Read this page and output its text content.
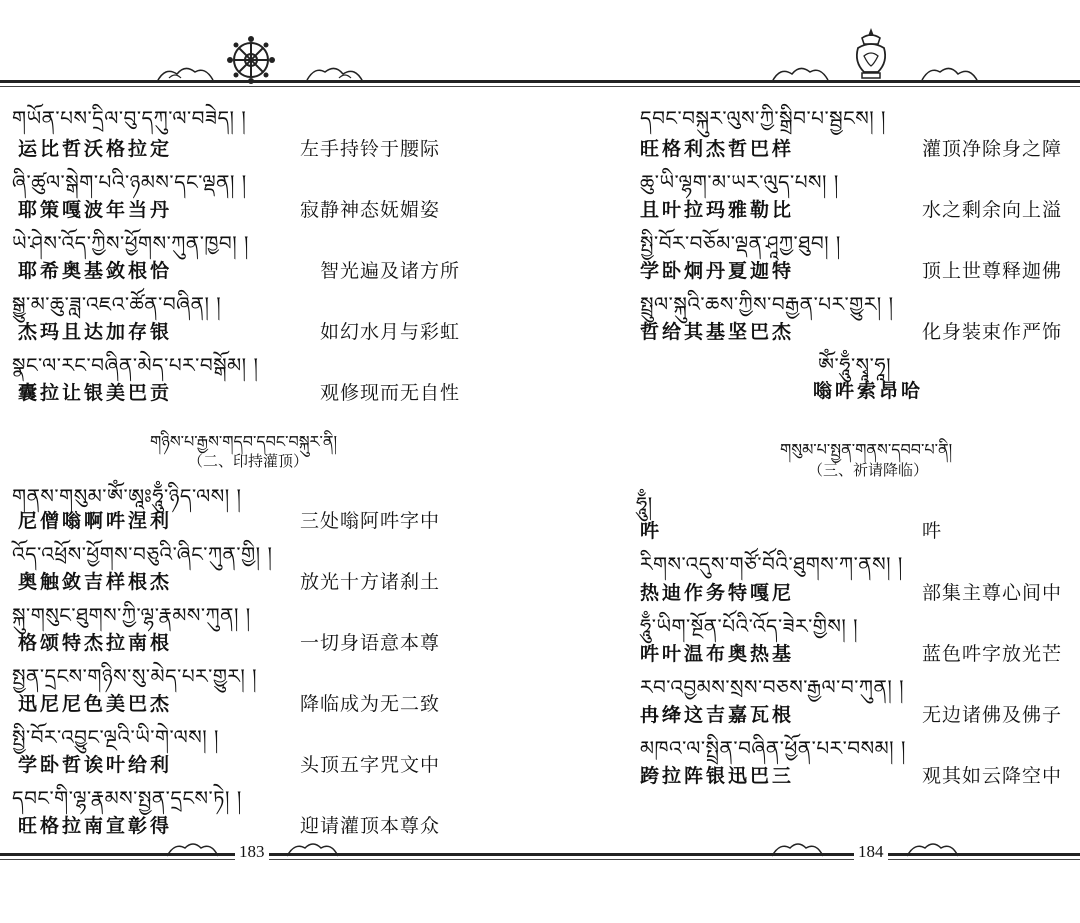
གཡོན་པས་དྲིལ་བུ་དཀུ་ལ་བཟེད། །
运比哲沃格拉定	左手持铃于腰际
ཞི་ཚུལ་སྒེག་པའི་ཉམས་དང་ལྡན། །
耶策嘎波年当丹	寂静神态妩媚姿
ཡེ་ཤེས་འོད་ཀྱིས་ཕྱོགས་ཀུན་ཁྱབ། །
耶希奥基敛根恰	智光遍及诸方所
སྒྱུ་མ་ཆུ་ཟླ་འཇའ་ཚོན་བཞིན། །
杰玛且达加存银	如幻水月与彩虹
སྣང་ལ་རང་བཞིན་མེད་པར་བསྒོམ། །
囊拉让银美巴贡	观修现而无自性
གཉིས་པ་རྒྱས་གདབ་དབང་བསྐུར་ནི།
（二、印持灌顶）
གནས་གསུམ་ཨོཾ་ཨཱཿཧཱུྃ་ཉིད་ལས། །
尼僧嗡啊吽涅利	三处嗡阿吽字中
འོད་འཕྲོས་ཕྱོགས་བཅུའི་ཞིང་ཀུན་གྱི། །
奥触敛吉样根杰	放光十方诸刹土
སྐུ་གསུང་ཐུགས་ཀྱི་ལྷ་རྣམས་ཀུན། །
格颂特杰拉南根	一切身语意本尊
སྤྱན་དྲངས་གཉིས་སུ་མེད་པར་གྱུར། །
迅尼尼色美巴杰	降临成为无二致
སྤྱི་བོར་འབྱུང་ལྔའི་ཡི་གེ་ལས། །
学卧哲诶叶给利	头顶五字咒文中
དབང་གི་ལྷ་རྣམས་སྤྱན་དྲངས་ཏེ། །
旺格拉南宣彰得	迎请灌顶本尊众
183
དབང་བསྐུར་ལུས་ཀྱི་སྒྲིབ་པ་སྦྱངས། །
旺格利杰哲巴样	灌顶净除身之障
ཆུ་ཡི་ལྷག་མ་ཡར་ལུད་པས། །
且叶拉玛雅勒比	水之剩余向上溢
སྤྱི་བོར་བཅོམ་ལྡན་ཤཱཀྱ་ཐུབ། །
学卧炯丹夏迦特	顶上世尊释迦佛
སྤྲུལ་སྐུའི་ཆས་ཀྱིས་བརྒྱན་པར་གྱུར། །
哲给其基坚巴杰	化身装束作严饰
ཨོཾ་ཧཱུྃ་སྭཱ་ཧཱ།
嗡吽索昂哈
གསུམ་པ་སྤྱན་གནས་དབབ་པ་ནི།
（三、祈请降临）
ཧཱུྃ།
吽	吽
རིགས་འདུས་གཙོ་བོའི་ཐུགས་ཀ་ནས། །
热迪作务特嘎尼	部集主尊心间中
ཧཱུྃ་ཡིག་སྔོན་པོའི་འོད་ཟེར་གྱིས། །
吽叶温布奥热基	蓝色吽字放光芒
རབ་འབྱམས་སྲས་བཅས་རྒྱལ་བ་ཀུན། །
冉绛这吉嘉瓦根	无边诸佛及佛子
མཁའ་ལ་སྤྲིན་བཞིན་ཕྱོན་པར་བསམ། །
跨拉阵银迅巴三	观其如云降空中
184
